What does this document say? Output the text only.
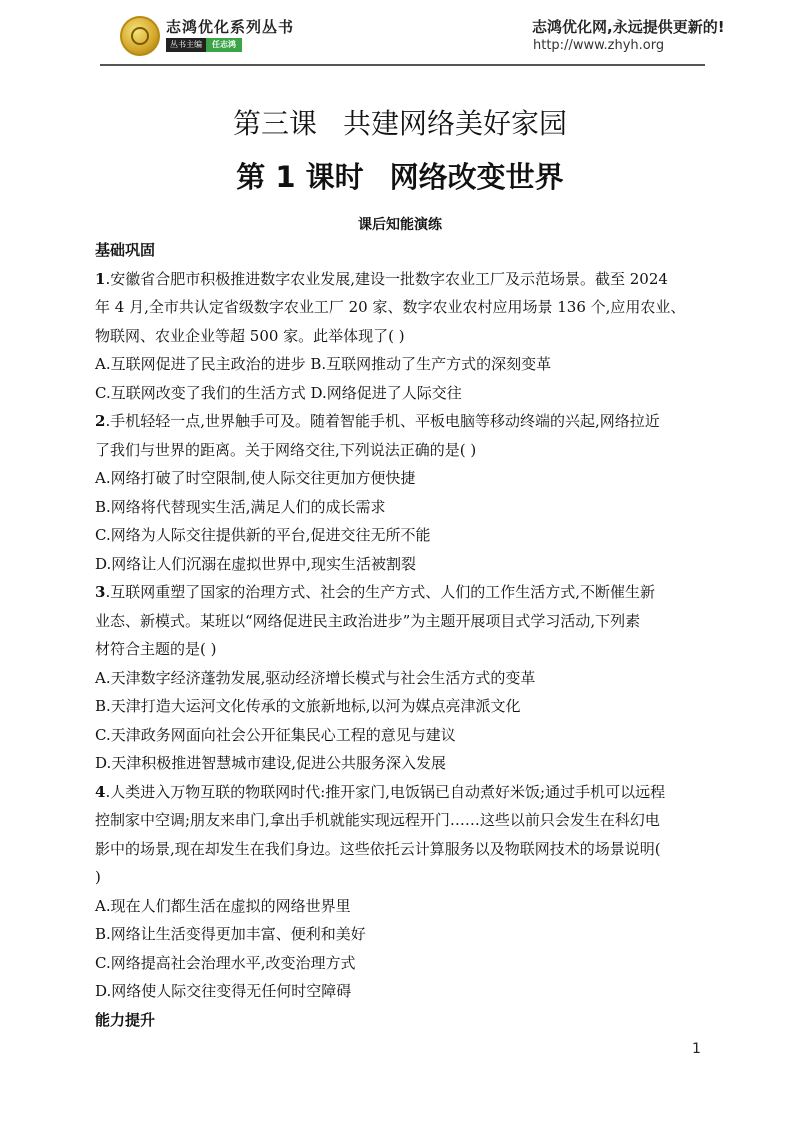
志鸿优化系列丛书
丛书主编	任志鸿
志鸿优化网,永远提供更新的!
http://www.zhyh.org
第三课 共建网络美好家园
第 1 课时 网络改变世界
课后知能演练
基础巩固
1.安徽省合肥市积极推进数字农业发展,建设一批数字农业工厂及示范场景。截至 2024
年 4 月,全市共认定省级数字农业工厂 20 家、数字农业农村应用场景 136 个,应用农业、
物联网、农业企业等超 500 家。此举体现了( )
A.互联网促进了民主政治的进步 B.互联网推动了生产方式的深刻变革
C.互联网改变了我们的生活方式 D.网络促进了人际交往
2.手机轻轻一点,世界触手可及。随着智能手机、平板电脑等移动终端的兴起,网络拉近
了我们与世界的距离。关于网络交往,下列说法正确的是( )
A.网络打破了时空限制,使人际交往更加方便快捷
B.网络将代替现实生活,满足人们的成长需求
C.网络为人际交往提供新的平台,促进交往无所不能
D.网络让人们沉溺在虚拟世界中,现实生活被割裂
3.互联网重塑了国家的治理方式、社会的生产方式、人们的工作生活方式,不断催生新
业态、新模式。某班以“网络促进民主政治进步”为主题开展项目式学习活动,下列素
材符合主题的是( )
A.天津数字经济蓬勃发展,驱动经济增长模式与社会生活方式的变革
B.天津打造大运河文化传承的文旅新地标,以河为媒点亮津派文化
C.天津政务网面向社会公开征集民心工程的意见与建议
D.天津积极推进智慧城市建设,促进公共服务深入发展
4.人类进入万物互联的物联网时代:推开家门,电饭锅已自动煮好米饭;通过手机可以远程
控制家中空调;朋友来串门,拿出手机就能实现远程开门……这些以前只会发生在科幻电
影中的场景,现在却发生在我们身边。这些依托云计算服务以及物联网技术的场景说明(
)
A.现在人们都生活在虚拟的网络世界里
B.网络让生活变得更加丰富、便利和美好
C.网络提高社会治理水平,改变治理方式
D.网络使人际交往变得无任何时空障碍
能力提升
1
